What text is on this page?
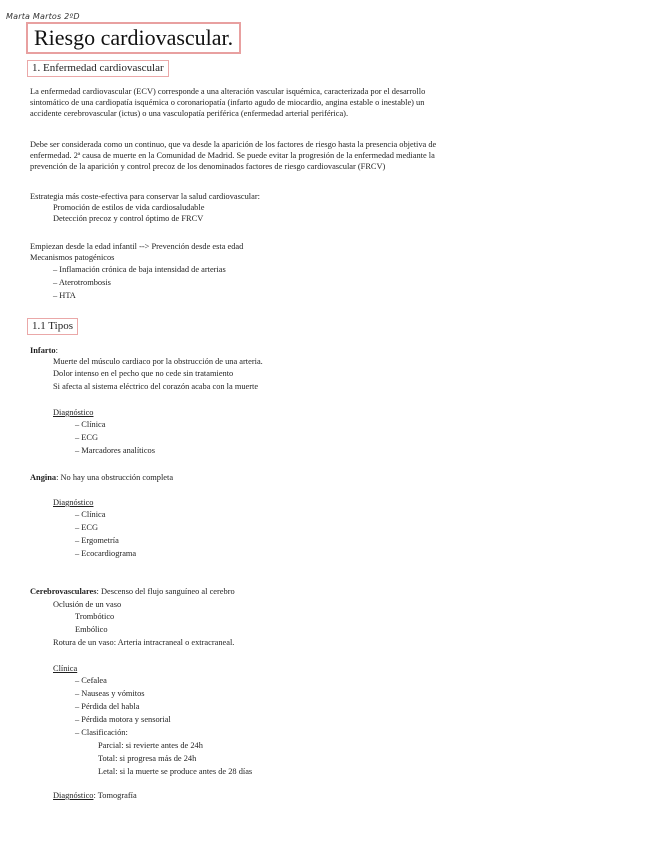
Marta Martos 2ºD
Riesgo cardiovascular.
1. Enfermedad cardiovascular
La enfermedad cardiovascular (ECV) corresponde a una alteración vascular isquémica, caracterizada por el desarrollo
sintomático de una cardiopatía isquémica o coronariopatía (infarto agudo de miocardio, angina estable o inestable) un
accidente cerebrovascular (ictus) o una vasculopatía periférica (enfermedad arterial periférica).
Debe ser considerada como un continuo, que va desde la aparición de los factores de riesgo hasta la presencia objetiva de
enfermedad. 2ª causa de muerte en la Comunidad de Madrid. Se puede evitar la progresión de la enfermedad mediante la
prevención de la aparición y control precoz de los denominados factores de riesgo cardiovascular (FRCV)
Estrategia más coste-efectiva para conservar la salud cardiovascular:
Promoción de estilos de vida cardiosaludable
Detección precoz y control óptimo de FRCV
Empiezan desde la edad infantil --> Prevención desde esta edad
Mecanismos patogénicos
– Inflamación crónica de baja intensidad de arterias
– Aterotrombosis
– HTA
1.1 Tipos
Infarto:
Muerte del músculo cardiaco por la obstrucción de una arteria.
Dolor intenso en el pecho que no cede sin tratamiento
Si afecta al sistema eléctrico del corazón acaba con la muerte
Diagnóstico
– Clínica
– ECG
– Marcadores analíticos
Angina: No hay una obstrucción completa
Diagnóstico
– Clínica
– ECG
– Ergometría
– Ecocardiograma
Cerebrovasculares: Descenso del flujo sanguíneo al cerebro
Oclusión de un vaso
Trombótico
Embólico
Rotura de un vaso: Arteria intracraneal o extracraneal.
Clínica
– Cefalea
– Nauseas y vómitos
– Pérdida del habla
– Pérdida motora y sensorial
– Clasificación:
Parcial: si revierte antes de 24h
Total: si progresa más de 24h
Letal: si la muerte se produce antes de 28 días
Diagnóstico: Tomografía
